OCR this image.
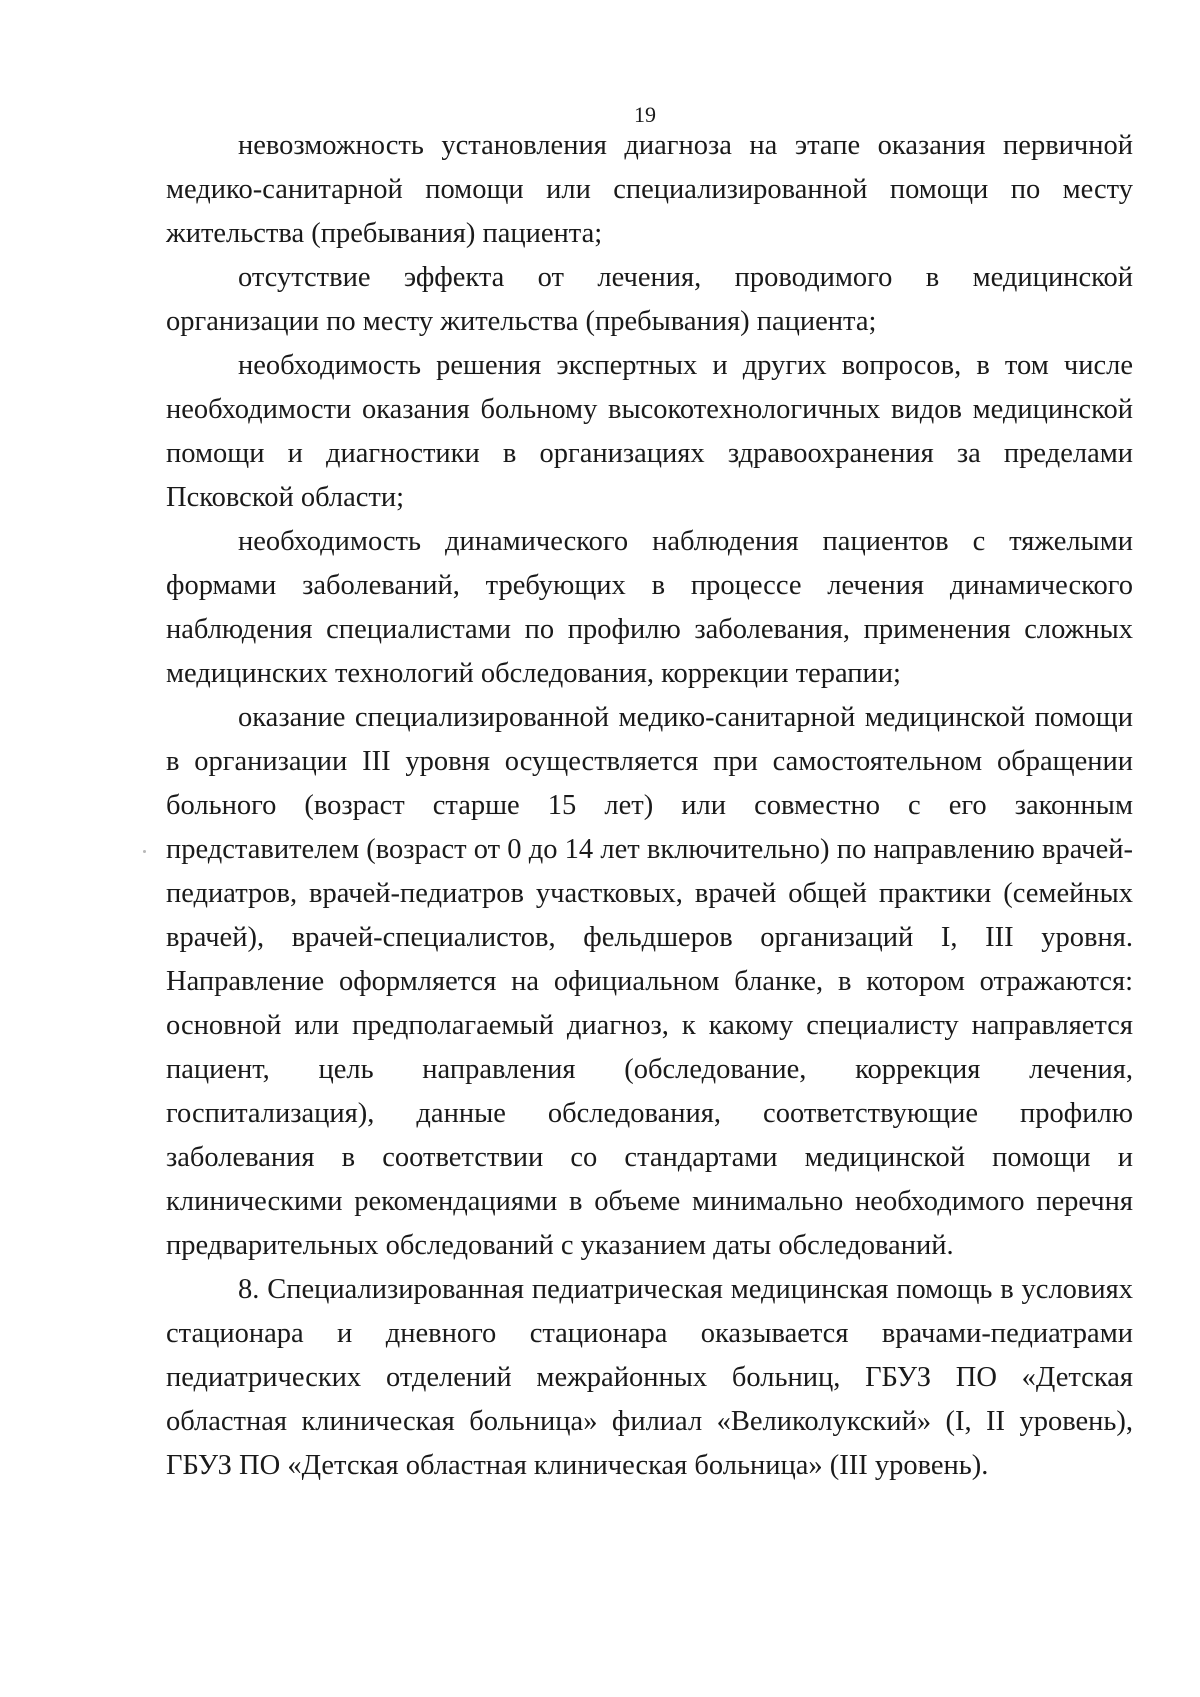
19

невозможность установления диагноза на этапе оказания первичной медико-санитарной помощи или специализированной помощи по месту жительства (пребывания) пациента;

отсутствие эффекта от лечения, проводимого в медицинской организации по месту жительства (пребывания) пациента;

необходимость решения экспертных и других вопросов, в том числе необходимости оказания больному высокотехнологичных видов медицинской помощи и диагностики в организациях здравоохранения за пределами Псковской области;

необходимость динамического наблюдения пациентов с тяжелыми формами заболеваний, требующих в процессе лечения динамического наблюдения специалистами по профилю заболевания, применения сложных медицинских технологий обследования, коррекции терапии;

оказание специализированной медико-санитарной медицинской помощи в организации III уровня осуществляется при самостоятельном обращении больного (возраст старше 15 лет) или совместно с его законным представителем (возраст от 0 до 14 лет включительно) по направлению врачей-педиатров, врачей-педиатров участковых, врачей общей практики (семейных врачей), врачей-специалистов, фельдшеров организаций I, III уровня. Направление оформляется на официальном бланке, в котором отражаются: основной или предполагаемый диагноз, к какому специалисту направляется пациент, цель направления (обследование, коррекция лечения, госпитализация), данные обследования, соответствующие профилю заболевания в соответствии со стандартами медицинской помощи и клиническими рекомендациями в объеме минимально необходимого перечня предварительных обследований с указанием даты обследований.

8. Специализированная педиатрическая медицинская помощь в условиях стационара и дневного стационара оказывается врачами-педиатрами педиатрических отделений межрайонных больниц, ГБУЗ ПО «Детская областная клиническая больница» филиал «Великолукский» (I, II уровень), ГБУЗ ПО «Детская областная клиническая больница» (III уровень).
